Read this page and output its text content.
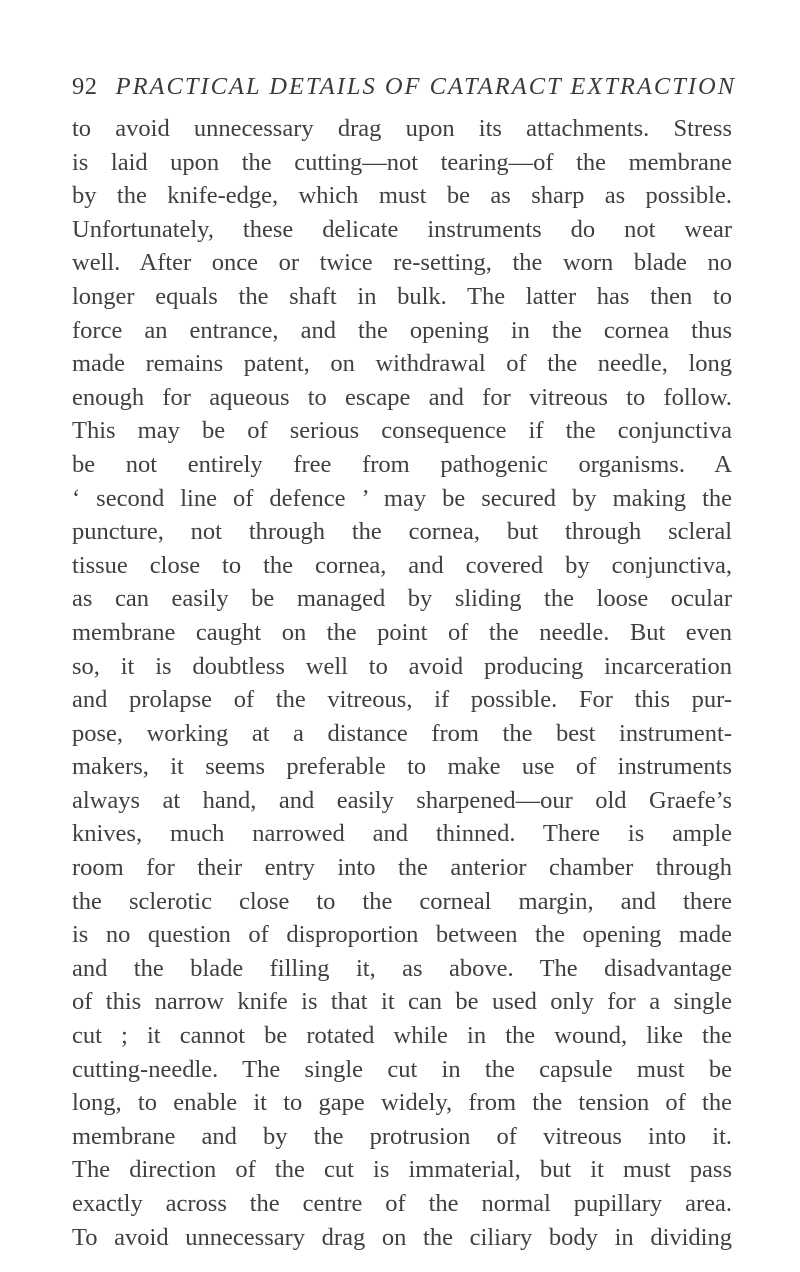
92 PRACTICAL DETAILS OF CATARACT EXTRACTION
to avoid unnecessary drag upon its attachments. Stress
is laid upon the cutting—not tearing—of the membrane
by the knife-edge, which must be as sharp as possible.
Unfortunately, these delicate instruments do not wear
well. After once or twice re-setting, the worn blade no
longer equals the shaft in bulk. The latter has then to
force an entrance, and the opening in the cornea thus
made remains patent, on withdrawal of the needle, long
enough for aqueous to escape and for vitreous to follow.
This may be of serious consequence if the conjunctiva
be not entirely free from pathogenic organisms. A
‘ second line of defence ’ may be secured by making the
puncture, not through the cornea, but through scleral
tissue close to the cornea, and covered by conjunctiva,
as can easily be managed by sliding the loose ocular
membrane caught on the point of the needle. But even
so, it is doubtless well to avoid producing incarceration
and prolapse of the vitreous, if possible. For this pur-
pose, working at a distance from the best instrument-
makers, it seems preferable to make use of instruments
always at hand, and easily sharpened—our old Graefe’s
knives, much narrowed and thinned. There is ample
room for their entry into the anterior chamber through
the sclerotic close to the corneal margin, and there
is no question of disproportion between the opening made
and the blade filling it, as above. The disadvantage
of this narrow knife is that it can be used only for a single
cut ; it cannot be rotated while in the wound, like the
cutting-needle. The single cut in the capsule must be
long, to enable it to gape widely, from the tension of the
membrane and by the protrusion of vitreous into it.
The direction of the cut is immaterial, but it must pass
exactly across the centre of the normal pupillary area.
To avoid unnecessary drag on the ciliary body in dividing
